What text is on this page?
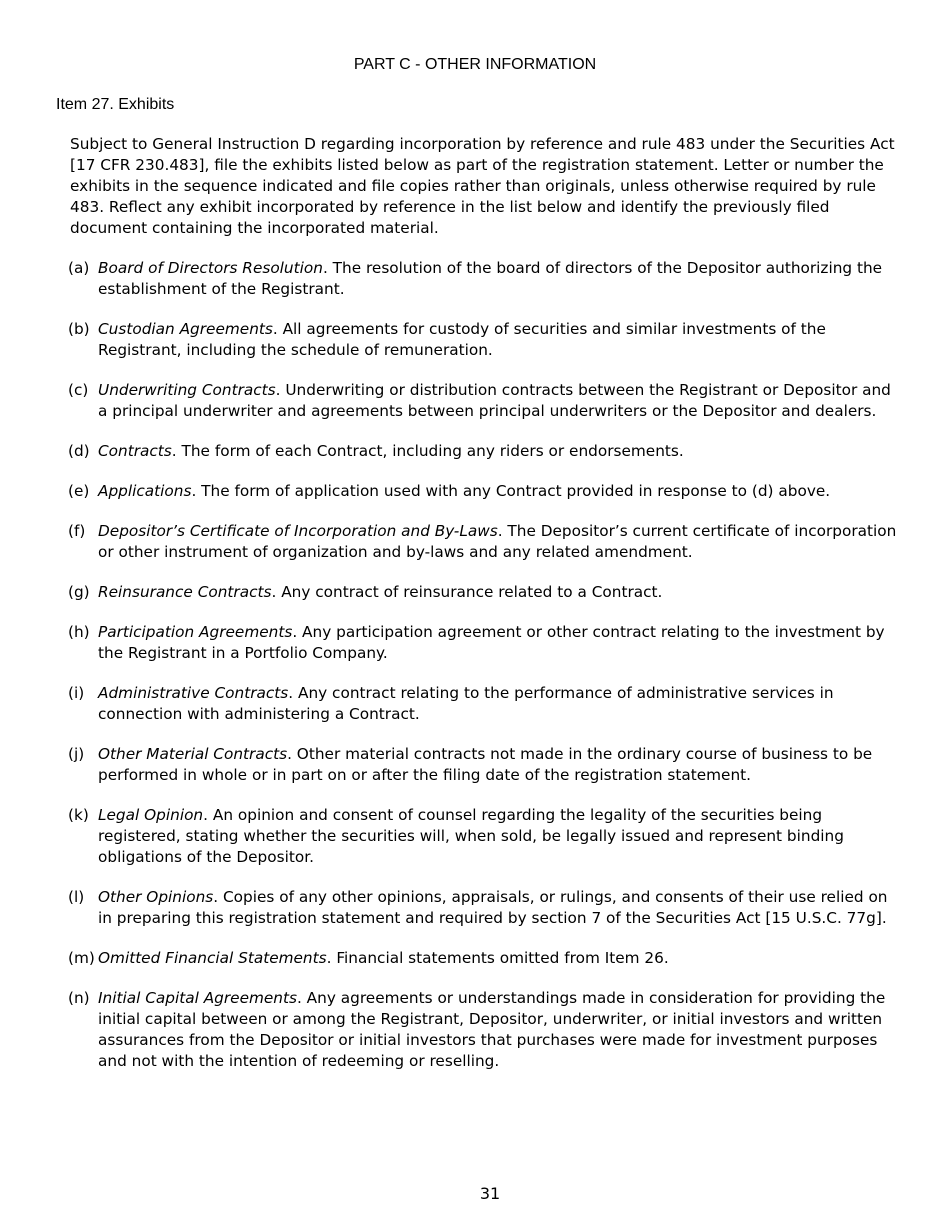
PART C - OTHER INFORMATION
Item 27. Exhibits

Subject to General Instruction D regarding incorporation by reference and rule 483 under the Securities Act [17 CFR 230.483], file the exhibits listed below as part of the registration statement. Letter or number the exhibits in the sequence indicated and file copies rather than originals, unless otherwise required by rule 483. Reflect any exhibit incorporated by reference in the list below and identify the previously filed document containing the incorporated material.

(a) Board of Directors Resolution. The resolution of the board of directors of the Depositor authorizing the establishment of the Registrant.
(b) Custodian Agreements. All agreements for custody of securities and similar investments of the Registrant, including the schedule of remuneration.
(c) Underwriting Contracts. Underwriting or distribution contracts between the Registrant or Depositor and a principal underwriter and agreements between principal underwriters or the Depositor and dealers.
(d) Contracts. The form of each Contract, including any riders or endorsements.
(e) Applications. The form of application used with any Contract provided in response to (d) above.
(f) Depositor’s Certificate of Incorporation and By-Laws. The Depositor’s current certificate of incorporation or other instrument of organization and by-laws and any related amendment.
(g) Reinsurance Contracts. Any contract of reinsurance related to a Contract.
(h) Participation Agreements. Any participation agreement or other contract relating to the investment by the Registrant in a Portfolio Company.
(i) Administrative Contracts. Any contract relating to the performance of administrative services in connection with administering a Contract.
(j) Other Material Contracts. Other material contracts not made in the ordinary course of business to be performed in whole or in part on or after the filing date of the registration statement.
(k) Legal Opinion. An opinion and consent of counsel regarding the legality of the securities being registered, stating whether the securities will, when sold, be legally issued and represent binding obligations of the Depositor.
(l) Other Opinions. Copies of any other opinions, appraisals, or rulings, and consents of their use relied on in preparing this registration statement and required by section 7 of the Securities Act [15 U.S.C. 77g].
(m) Omitted Financial Statements. Financial statements omitted from Item 26.
(n) Initial Capital Agreements. Any agreements or understandings made in consideration for providing the initial capital between or among the Registrant, Depositor, underwriter, or initial investors and written assurances from the Depositor or initial investors that purchases were made for investment purposes and not with the intention of redeeming or reselling.
31
